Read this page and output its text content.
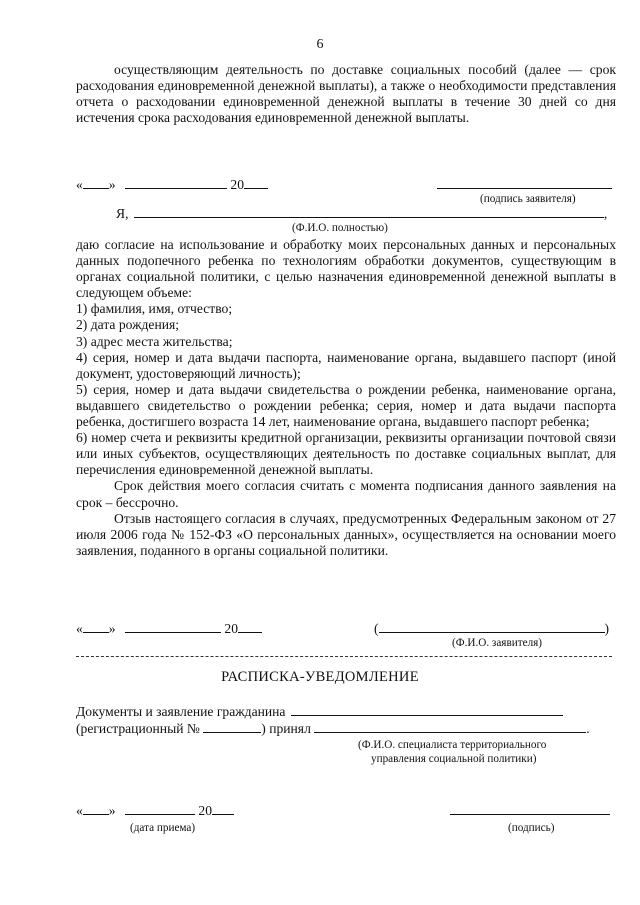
6

осуществляющим деятельность по доставке социальных пособий (далее — срок расходования единовременной денежной выплаты), а также о необходимости представления отчета о расходовании единовременной денежной выплаты в течение 30 дней со дня истечения срока расходования единовременной денежной выплаты.

« »	20
(подпись заявителя)
Я,	,
(Ф.И.О. полностью)

даю согласие на использование и обработку моих персональных данных и персональных данных подопечного ребенка по технологиям обработки документов, существующим в органах социальной политики, с целью назначения единовременной денежной выплаты в следующем объеме:

1) фамилия, имя, отчество;

2) дата рождения;

3) адрес места жительства;

4) серия, номер и дата выдачи паспорта, наименование органа, выдавшего паспорт (иной документ, удостоверяющий личность);

5) серия, номер и дата выдачи свидетельства о рождении ребенка, наименование органа, выдавшего свидетельство о рождении ребенка; серия, номер и дата выдачи паспорта ребенка, достигшего возраста 14 лет, наименование органа, выдавшего паспорт ребенка;

6) номер счета и реквизиты кредитной организации, реквизиты организации почтовой связи или иных субъектов, осуществляющих деятельность по доставке социальных выплат, для перечисления единовременной денежной выплаты.

Срок действия моего согласия считать с момента подписания данного заявления на срок – бессрочно.

Отзыв настоящего согласия в случаях, предусмотренных Федеральным законом от 27 июля 2006 года № 152-ФЗ «О персональных данных», осуществляется на основании моего заявления, поданного в органы социальной политики.

« »	20	(	)
(Ф.И.О. заявителя)
РАСПИСКА-УВЕДОМЛЕНИЕ
Документы и заявление гражданина
(регистрационный №	) принял	.
(Ф.И.О. специалиста территориального
управления социальной политики)
« »	20
(дата приема)	(подпись)
